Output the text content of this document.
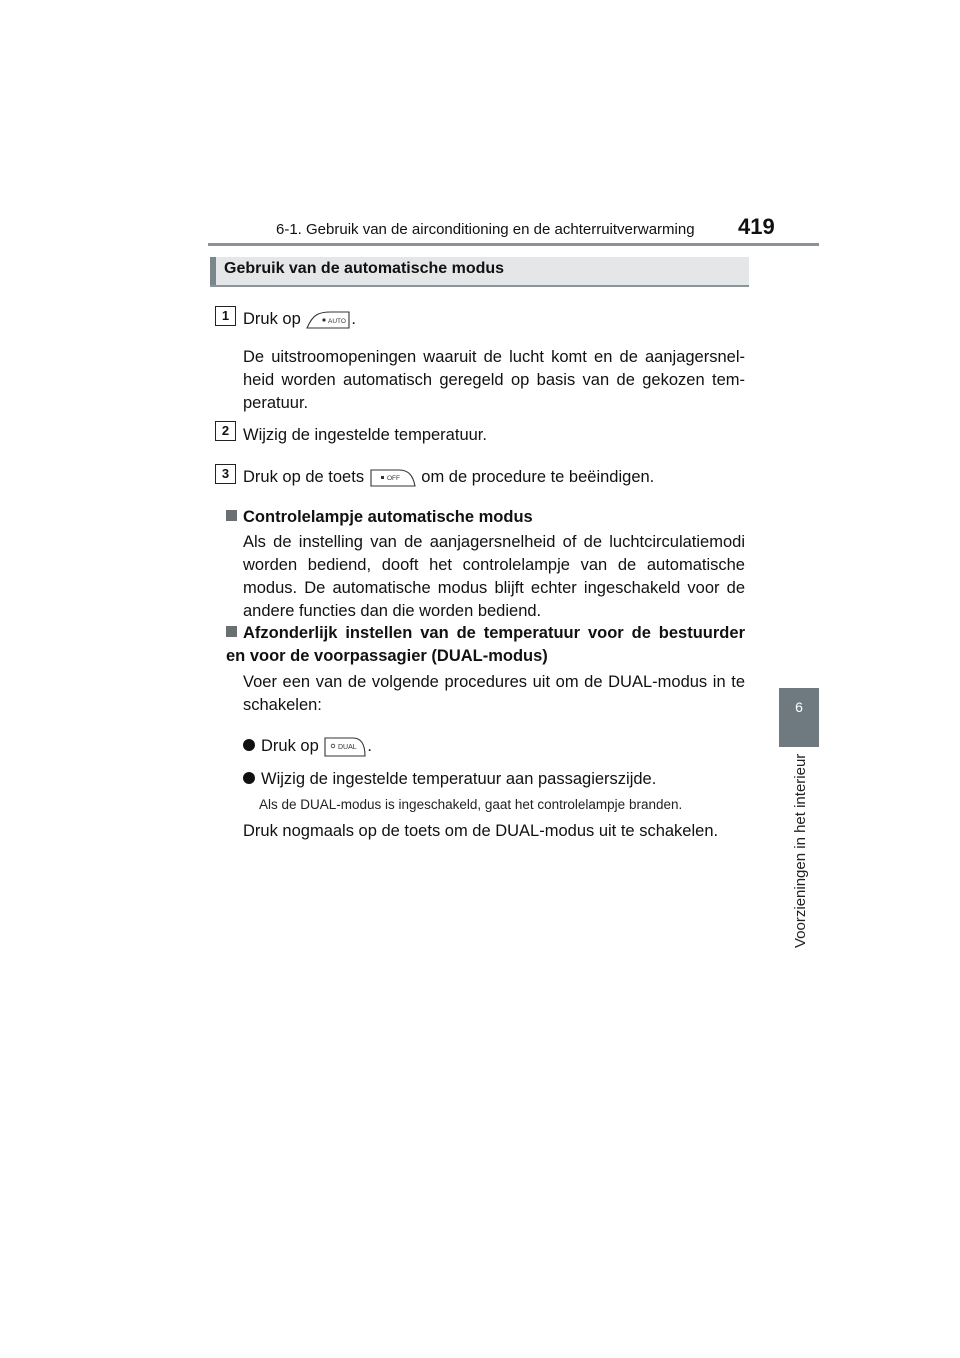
6-1. Gebruik van de airconditioning en de achterruitverwarming 419
6
Voorzieningen in het interieur
Gebruik van de automatische modus
1 Druk op	AUTO .
De uitstroomopeningen waaruit de lucht komt en de aanjagersnel-heid worden automatisch geregeld op basis van de gekozen tem-peratuur.
2 Wijzig de ingestelde temperatuur.
3 Druk op de toets	OFF om de procedure te beëindigen.
Controlelampje automatische modus
Als de instelling van de aanjagersnelheid of de luchtcirculatiemodi worden bediend, dooft het controlelampje van de automatische modus. De automatische modus blijft echter ingeschakeld voor de andere functies dan die worden bediend.
Afzonderlijk instellen van de temperatuur voor de bestuurder en voor de voorpassagier (DUAL-modus)
Voer een van de volgende procedures uit om de DUAL-modus in te schakelen:
Druk op	DUAL .
Wijzig de ingestelde temperatuur aan passagierszijde.
Als de DUAL-modus is ingeschakeld, gaat het controlelampje branden.
Druk nogmaals op de toets om de DUAL-modus uit te schakelen.
